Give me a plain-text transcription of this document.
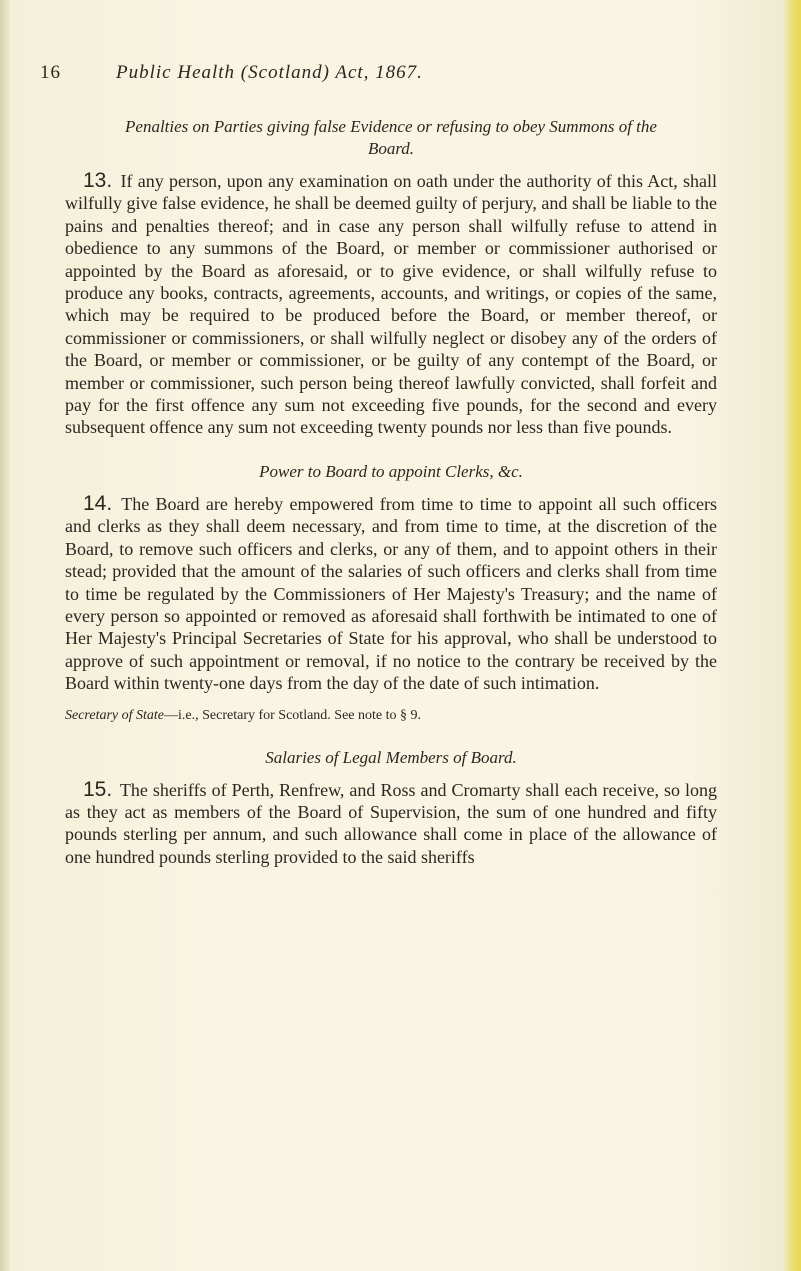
16	Public Health (Scotland) Act, 1867.
Penalties on Parties giving false Evidence or refusing to obey Summons of the Board.

13. If any person, upon any examination on oath under the authority of this Act, shall wilfully give false evidence, he shall be deemed guilty of perjury, and shall be liable to the pains and penalties thereof; and in case any person shall wilfully refuse to attend in obedience to any summons of the Board, or member or commissioner authorised or appointed by the Board as aforesaid, or to give evidence, or shall wilfully refuse to produce any books, contracts, agreements, accounts, and writings, or copies of the same, which may be required to be produced before the Board, or member thereof, or commissioner or commissioners, or shall wilfully neglect or disobey any of the orders of the Board, or member or commissioner, or be guilty of any contempt of the Board, or member or commissioner, such person being thereof lawfully convicted, shall forfeit and pay for the first offence any sum not exceeding five pounds, for the second and every subsequent offence any sum not exceeding twenty pounds nor less than five pounds.

Power to Board to appoint Clerks, &c.

14. The Board are hereby empowered from time to time to appoint all such officers and clerks as they shall deem necessary, and from time to time, at the discretion of the Board, to remove such officers and clerks, or any of them, and to appoint others in their stead; provided that the amount of the salaries of such officers and clerks shall from time to time be regulated by the Commissioners of Her Majesty's Treasury; and the name of every person so appointed or removed as aforesaid shall forthwith be intimated to one of Her Majesty's Principal Secretaries of State for his approval, who shall be understood to approve of such appointment or removal, if no notice to the contrary be received by the Board within twenty-one days from the day of the date of such intimation.

Secretary of State—i.e., Secretary for Scotland. See note to § 9.

Salaries of Legal Members of Board.

15. The sheriffs of Perth, Renfrew, and Ross and Cromarty shall each receive, so long as they act as members of the Board of Supervision, the sum of one hundred and fifty pounds sterling per annum, and such allowance shall come in place of the allowance of one hundred pounds sterling provided to the said sheriffs
